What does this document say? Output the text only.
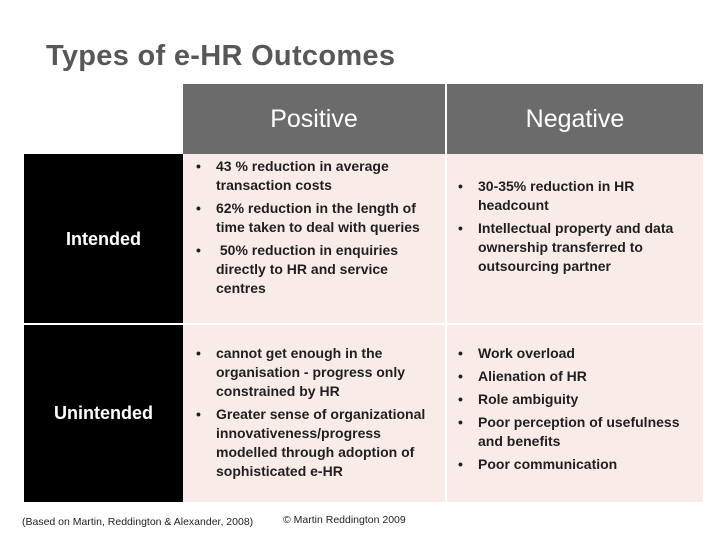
Types of e-HR Outcomes
Positive	Negative
Intended
Unintended
• 43 % reduction in average transaction costs
• 62% reduction in the length of time taken to deal with queries
• 50% reduction in enquiries directly to HR and service centres
• 30-35% reduction in HR headcount
• Intellectual property and data ownership transferred to outsourcing partner
• cannot get enough in the organisation - progress only constrained by HR
• Greater sense of organizational innovativeness/progress modelled through adoption of sophisticated e-HR
• Work overload
• Alienation of HR
• Role ambiguity
• Poor perception of usefulness and benefits
• Poor communication
(Based on Martin, Reddington & Alexander, 2008)	© Martin Reddington 2009
